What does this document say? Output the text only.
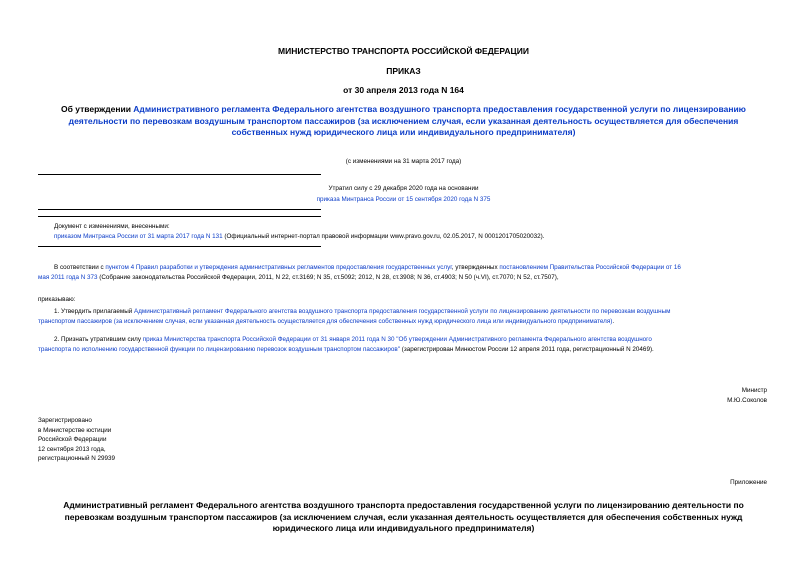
МИНИСТЕРСТВО ТРАНСПОРТА РОССИЙСКОЙ ФЕДЕРАЦИИ
ПРИКАЗ
от 30 апреля 2013 года N 164
Об утверждении Административного регламента Федерального агентства воздушного транспорта предоставления государственной услуги по лицензированию
деятельности по перевозкам воздушным транспортом пассажиров (за исключением случая, если указанная деятельность осуществляется для обеспечения
собственных нужд юридического лица или индивидуального предпринимателя)
(с изменениями на 31 марта 2017 года)
Утратил силу с 29 декабря 2020 года на основании
приказа Минтранса России от 15 сентября 2020 года N 375
Документ с изменениями, внесенными:
приказом Минтранса России от 31 марта 2017 года N 131 (Официальный интернет-портал правовой информации www.pravo.gov.ru, 02.05.2017, N 0001201705020032).
В соответствии с пунктом 4 Правил разработки и утверждения административных регламентов предоставления государственных услуг, утвержденных постановлением Правительства Российской Федерации от 16
мая 2011 года N 373 (Собрание законодательства Российской Федерации, 2011, N 22, ст.3169; N 35, ст.5092; 2012, N 28, ст.3908; N 36, ст.4903; N 50 (ч.VI), ст.7070; N 52, ст.7507),
приказываю:
1. Утвердить прилагаемый Административный регламент Федерального агентства воздушного транспорта предоставления государственной услуги по лицензированию деятельности по перевозкам воздушным
транспортом пассажиров (за исключением случая, если указанная деятельность осуществляется для обеспечения собственных нужд юридического лица или индивидуального предпринимателя).
2. Признать утратившим силу приказ Министерства транспорта Российской Федерации от 31 января 2011 года N 30 "Об утверждении Административного регламента Федерального агентства воздушного
транспорта по исполнению государственной функции по лицензированию перевозок воздушным транспортом пассажиров" (зарегистрирован Минюстом России 12 апреля 2011 года, регистрационный N 20469).
Министр
М.Ю.Соколов
Зарегистрировано
в Министерстве юстиции
Российской Федерации
12 сентября 2013 года,
регистрационный N 29939
Приложение
Административный регламент Федерального агентства воздушного транспорта предоставления государственной услуги по лицензированию деятельности по
перевозкам воздушным транспортом пассажиров (за исключением случая, если указанная деятельность осуществляется для обеспечения собственных нужд
юридического лица или индивидуального предпринимателя)
